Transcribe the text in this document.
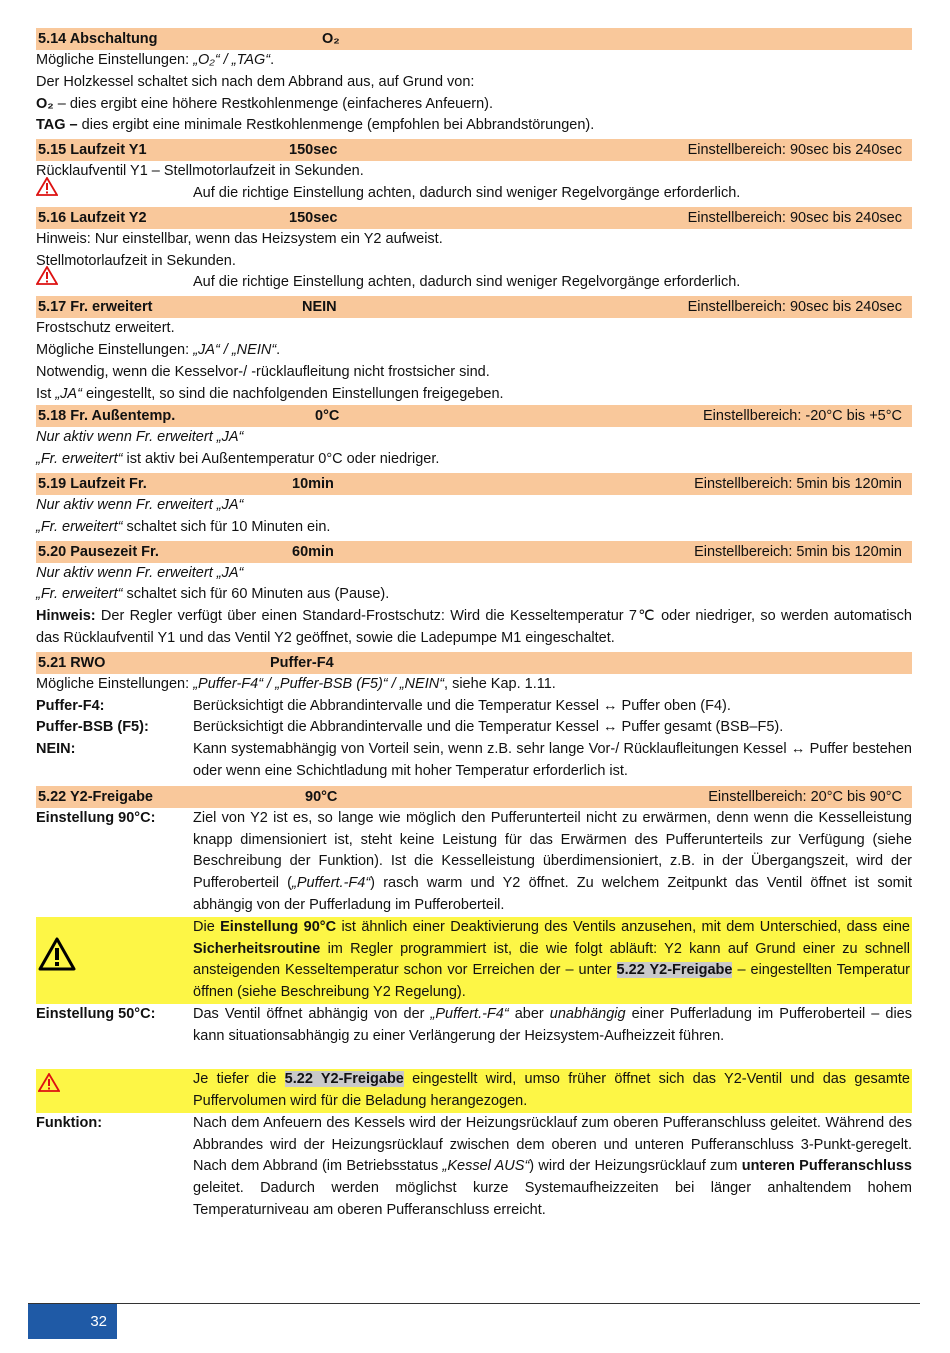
5.14 Abschaltung	O₂
Mögliche Einstellungen: „O₂“ / „TAG“.
Der Holzkessel schaltet sich nach dem Abbrand aus, auf Grund von:
O₂ – dies ergibt eine höhere Restkohlenmenge (einfacheres Anfeuern).
TAG – dies ergibt eine minimale Restkohlenmenge (empfohlen bei Abbrandstörungen).
5.15 Laufzeit Y1	150sec	Einstellbereich: 90sec bis 240sec
Rücklaufventil Y1 – Stellmotorlaufzeit in Sekunden.
Auf die richtige Einstellung achten, dadurch sind weniger Regelvorgänge erforderlich.
5.16 Laufzeit Y2	150sec	Einstellbereich: 90sec bis 240sec
Hinweis: Nur einstellbar, wenn das Heizsystem ein Y2 aufweist.
Stellmotorlaufzeit in Sekunden.
Auf die richtige Einstellung achten, dadurch sind weniger Regelvorgänge erforderlich.
5.17 Fr. erweitert	NEIN	Einstellbereich: 90sec bis 240sec
Frostschutz erweitert.
Mögliche Einstellungen: „JA“ / „NEIN“.
Notwendig, wenn die Kesselvor-/ -rücklaufleitung nicht frostsicher sind.
Ist „JA“ eingestellt, so sind die nachfolgenden Einstellungen freigegeben.
5.18 Fr. Außentemp.	0°C	Einstellbereich: -20°C bis +5°C
Nur aktiv wenn Fr. erweitert „JA“
„Fr. erweitert“ ist aktiv bei Außentemperatur 0°C oder niedriger.
5.19 Laufzeit Fr.	10min	Einstellbereich: 5min bis 120min
Nur aktiv wenn Fr. erweitert „JA“
„Fr. erweitert“ schaltet sich für 10 Minuten ein.
5.20 Pausezeit Fr.	60min	Einstellbereich: 5min bis 120min
Nur aktiv wenn Fr. erweitert „JA“
„Fr. erweitert“ schaltet sich für 60 Minuten aus (Pause).
Hinweis: Der Regler verfügt über einen Standard-Frostschutz: Wird die Kesseltemperatur 7℃ oder niedriger, so werden automatisch das Rücklaufventil Y1 und das Ventil Y2 geöffnet, sowie die Ladepumpe M1 eingeschaltet.
5.21 RWO	Puffer-F4
Mögliche Einstellungen: „Puffer-F4“ / „Puffer-BSB (F5)“ / „NEIN“, siehe Kap. 1.11.
Puffer-F4:	Berücksichtigt die Abbrandintervalle und die Temperatur Kessel ↔ Puffer oben (F4).
Puffer-BSB (F5):	Berücksichtigt die Abbrandintervalle und die Temperatur Kessel ↔ Puffer gesamt (BSB–F5).
NEIN:	Kann systemabhängig von Vorteil sein, wenn z.B. sehr lange Vor-/ Rücklaufleitungen Kessel ↔ Puffer bestehen oder wenn eine Schichtladung mit hoher Temperatur erforderlich ist.
5.22 Y2-Freigabe	90°C	Einstellbereich: 20°C bis 90°C
Einstellung 90°C:	Ziel von Y2 ist es, so lange wie möglich den Pufferunterteil nicht zu erwärmen, denn wenn die Kesselleistung knapp dimensioniert ist, steht keine Leistung für das Erwärmen des Pufferunterteils zur Verfügung (siehe Beschreibung der Funktion). Ist die Kesselleistung überdimensioniert, z.B. in der Übergangszeit, wird der Pufferoberteil („Puffert.-F4“) rasch warm und Y2 öffnet. Zu welchem Zeitpunkt das Ventil öffnet ist somit abhängig von der Pufferladung im Pufferoberteil.
Die Einstellung 90°C ist ähnlich einer Deaktivierung des Ventils anzusehen, mit dem Unterschied, dass eine Sicherheitsroutine im Regler programmiert ist, die wie folgt abläuft: Y2 kann auf Grund einer zu schnell ansteigenden Kesseltemperatur schon vor Erreichen der – unter 5.22 Y2-Freigabe – eingestellten Temperatur öffnen (siehe Beschreibung Y2 Regelung).
Einstellung 50°C:	Das Ventil öffnet abhängig von der „Puffert.-F4“ aber unabhängig einer Pufferladung im Pufferoberteil – dies kann situationsabhängig zu einer Verlängerung der Heizsystem-Aufheizzeit führen.
Je tiefer die 5.22 Y2-Freigabe eingestellt wird, umso früher öffnet sich das Y2-Ventil und das gesamte Puffervolumen wird für die Beladung herangezogen.
Funktion:	Nach dem Anfeuern des Kessels wird der Heizungsrücklauf zum oberen Pufferanschluss geleitet. Während des Abbrandes wird der Heizungsrücklauf zwischen dem oberen und unteren Pufferanschluss 3-Punkt-geregelt. Nach dem Abbrand (im Betriebsstatus „Kessel AUS“) wird der Heizungsrücklauf zum unteren Pufferanschluss geleitet. Dadurch werden möglichst kurze Systemaufheizzeiten bei länger anhaltendem hohem Temperaturniveau am oberen Pufferanschluss erreicht.
32
